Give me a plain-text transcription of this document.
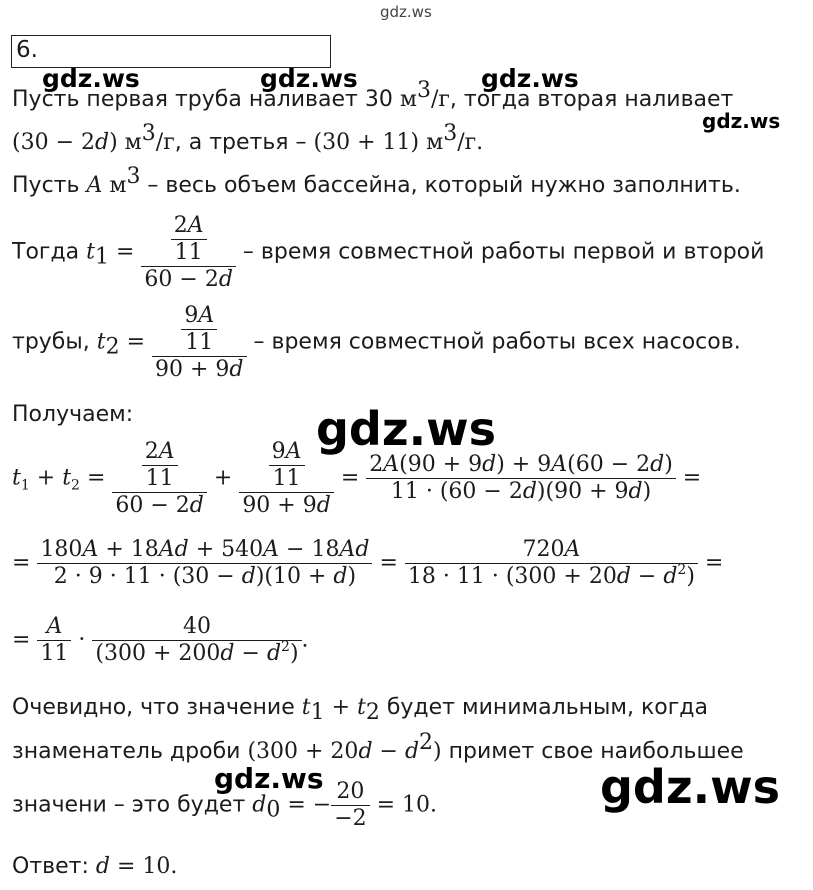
gdz.ws
gdz.ws	gdz.ws	gdz.ws
gdz.ws
6.
Пусть первая труба наливает 30 $м^3/г$, тогда вторая наливает
(30 − 2d) $м^3/г$, а третья – (30 + 11) $м^3/г$.
Пусть A $м^3$ – весь объем бассейна, который нужно заполнить.
Тогда $t_1 = \frac{\frac{2A}{11}}{60 - 2d}$ – время совместной работы первой и второй
трубы, $t_2 = \frac{\frac{9A}{11}}{90 + 9d}$ – время совместной работы всех насосов.
Получаем:	gdz.ws
$t_1 + t_2 = \frac{\frac{2A}{11}}{60 - 2d} + \frac{\frac{9A}{11}}{90 + 9d} = \frac{2A(90 + 9d) + 9A(60 - 2d)}{11 \cdot (60 - 2d)(90 + 9d)}$ =
= $\frac{180A + 18Ad + 540A - 18Ad}{2 \cdot 9 \cdot 11 \cdot (30 - d)(10 + d)} = \frac{720A}{18 \cdot 11 \cdot (300 + 20d - d^2)}$ =
= $\frac{A}{11} \cdot \frac{40}{(300 + 200d - d^2)}$ .
Очевидно, что значение $t_1 + t_2$ будет минимальным, когда
знаменатель дроби $(300 + 20d - d^2)$ примет свое наибольшее
gdz.ws	gdz.ws
значени – это будет $d_0$ = − $\frac{20}{-2} = 10$.
Ответ: d = 10.
